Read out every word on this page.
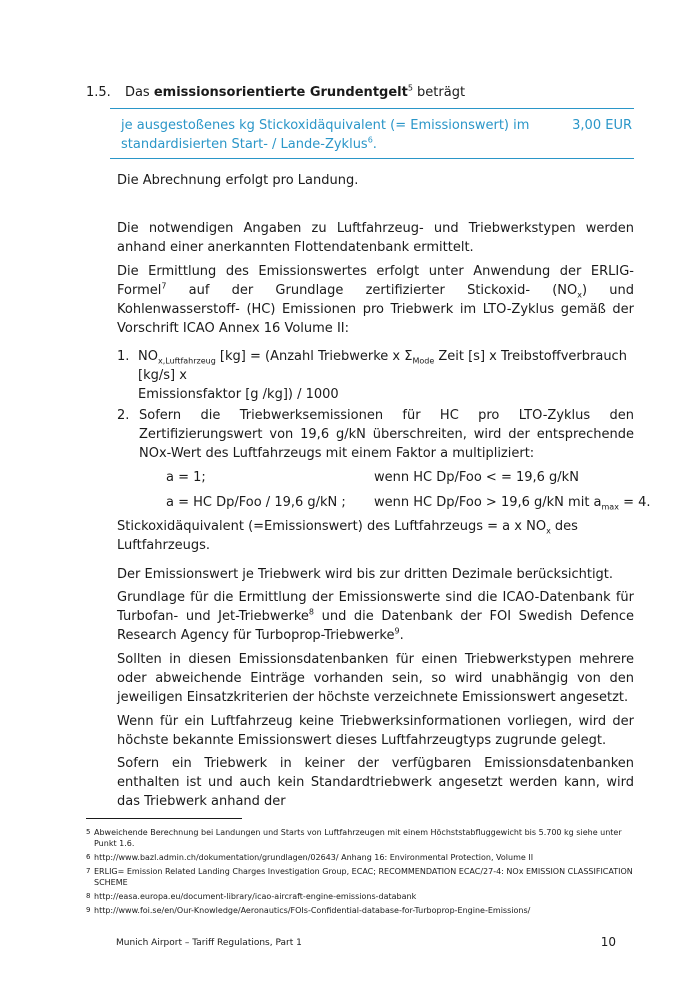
1.5. Das emissionsorientierte Grundentgelt$^5$ beträgt
je ausgestoßenes kg Stickoxidäquivalent (= Emissionswert) im
standardisierten Start- / Lande-Zyklus$^6$.
3,00 EUR
Die Abrechnung erfolgt pro Landung.
Die notwendigen Angaben zu Luftfahrzeug- und Triebwerkstypen werden anhand einer anerkannten Flottendatenbank ermittelt.
Die Ermittlung des Emissionswertes erfolgt unter Anwendung der ERLIG-Formel$^7$ auf der Grundlage zertifizierter Stickoxid- $(NO_x)$ und Kohlenwasserstoff- (HC) Emissionen pro Triebwerk im LTO-Zyklus gemäß der Vorschrift ICAO Annex 16 Volume II:
1. $NO_{x,Luftfahrzeug}$ [kg] = (Anzahl Triebwerke x $\Sigma_{Mode}$ Zeit [s] x Treibstoffverbrauch [kg/s] x
Emissionsfaktor [g /kg]) / 1000
2. Sofern die Triebwerksemissionen für HC pro LTO-Zyklus den Zertifizierungswert von 19,6 g/kN überschreiten, wird der entsprechende NOx-Wert des Luftfahrzeugs mit einem Faktor a multipliziert:
a = 1;	wenn HC Dp/Foo < = 19,6 g/kN
a = HC Dp/Foo / 19,6 g/kN ; wenn HC Dp/Foo > 19,6 g/kN mit $a_{max} = 4$.
Stickoxidäquivalent (=Emissionswert) des Luftfahrzeugs = a x $NO_x$ des Luftfahrzeugs.
Der Emissionswert je Triebwerk wird bis zur dritten Dezimale berücksichtigt.
Grundlage für die Ermittlung der Emissionswerte sind die ICAO-Datenbank für Turbofan- und Jet-Triebwerke$^8$ und die Datenbank der FOI Swedish Defence Research Agency für Turboprop-Triebwerke$^9$.
Sollten in diesen Emissionsdatenbanken für einen Triebwerkstypen mehrere oder abweichende Einträge vorhanden sein, so wird unabhängig von den jeweiligen Einsatzkriterien der höchste verzeichnete Emissionswert angesetzt.
Wenn für ein Luftfahrzeug keine Triebwerksinformationen vorliegen, wird der höchste bekannte Emissionswert dieses Luftfahrzeugtyps zugrunde gelegt.
Sofern ein Triebwerk in keiner der verfügbaren Emissionsdatenbanken enthalten ist und auch kein Standardtriebwerk angesetzt werden kann, wird das Triebwerk anhand der
5 Abweichende Berechnung bei Landungen und Starts von Luftfahrzeugen mit einem Höchststabfluggewicht bis 5.700 kg siehe unter Punkt 1.6.
6 http://www.bazl.admin.ch/dokumentation/grundlagen/02643/ Anhang 16: Environmental Protection, Volume II
7 ERLIG= Emission Related Landing Charges Investigation Group, ECAC; RECOMMENDATION ECAC/27-4: NOx EMISSION CLASSIFICATION SCHEME
8 http://easa.europa.eu/document-library/icao-aircraft-engine-emissions-databank
9 http://www.foi.se/en/Our-Knowledge/Aeronautics/FOIs-Confidential-database-for-Turboprop-Engine-Emissions/
Munich Airport – Tariff Regulations, Part 1	10
